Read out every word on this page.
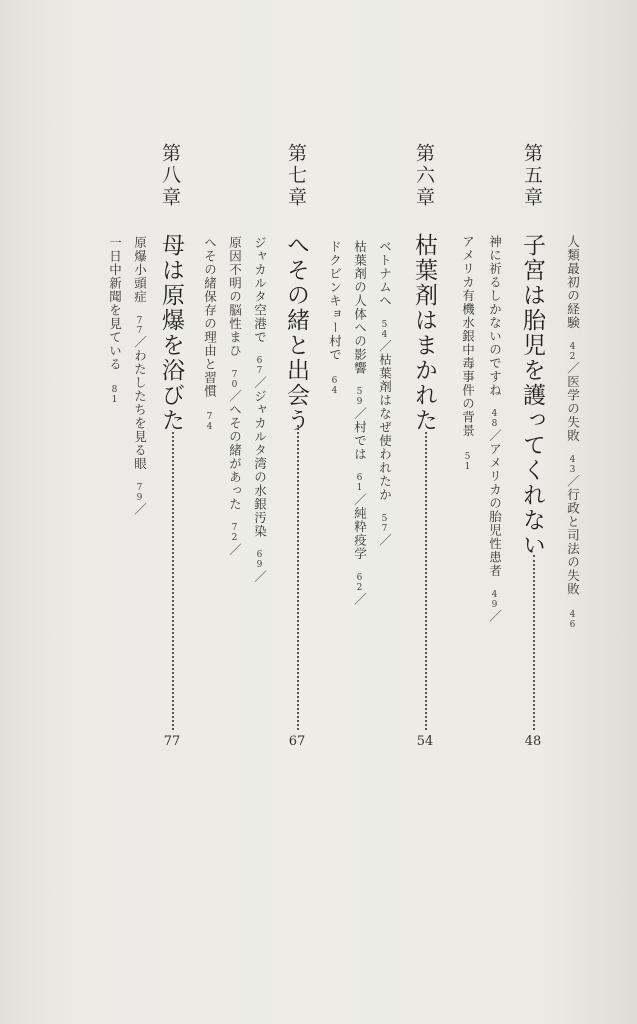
第五章
子宮は胎児を護ってくれない
48
人類最初の経験42／医学の失敗43／行政と司法の失敗46
神に祈るしかないのですね48／アメリカの胎児性患者49／
アメリカ有機水銀中毒事件の背景51
第六章
枯葉剤はまかれた
54
ベトナムへ54／枯葉剤はなぜ使われたか57／
枯葉剤の人体への影響59／村では61／純粋疫学62／
ドクビンキョー村で64
第七章
へその緒と出会う
67
ジャカルタ空港で67／ジャカルタ湾の水銀汚染69／
原因不明の脳性まひ70／へその緒があった72／
へその緒保存の理由と習慣74
第八章
母は原爆を浴びた
77
原爆小頭症77／わたしたちを見る眼79／
一日中新聞を見ている81
